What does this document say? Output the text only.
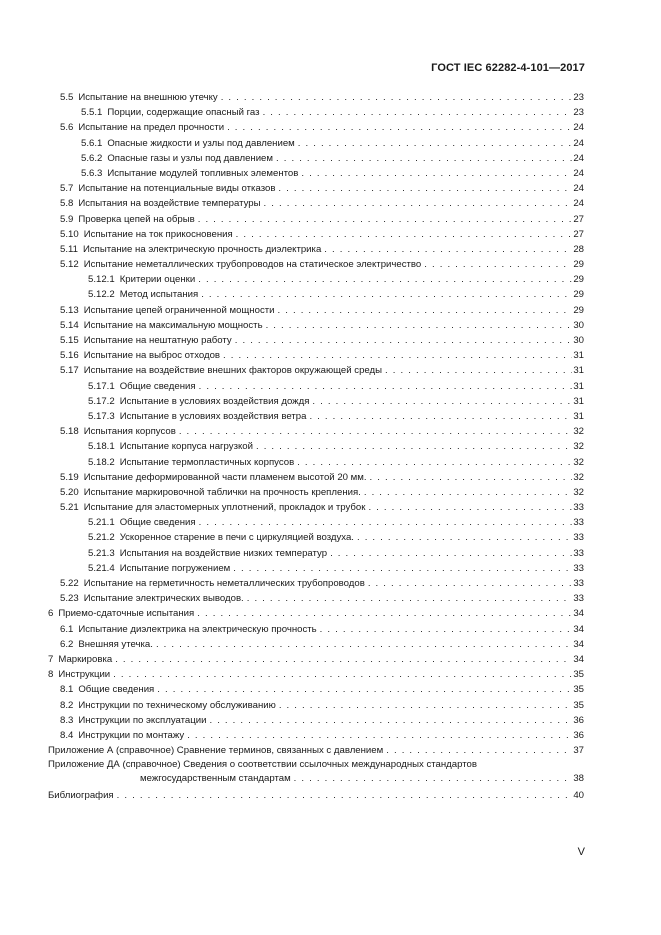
ГОСТ IEC 62282-4-101—2017
5.5 Испытание на внешнюю утечку . . .	23
5.5.1 Порции, содержащие опасный газ . . .	23
5.6 Испытание на предел прочности . . .	24
5.6.1 Опасные жидкости и узлы под давлением . . .	24
5.6.2 Опасные газы и узлы под давлением . . .	24
5.6.3 Испытание модулей топливных элементов . . .	24
5.7 Испытание на потенциальные виды отказов . . .	24
5.8 Испытания на воздействие температуры . . .	24
5.9 Проверка цепей на обрыв . . .	27
5.10 Испытание на ток прикосновения . . .	27
5.11 Испытание на электрическую прочность диэлектрика . . .	28
5.12 Испытание неметаллических трубопроводов на статическое электричество . . .	29
5.12.1 Критерии оценки . . .	29
5.12.2 Метод испытания . . .	29
5.13 Испытание цепей ограниченной мощности . . .	29
5.14 Испытание на максимальную мощность . . .	30
5.15 Испытание на нештатную работу . . .	30
5.16 Испытание на выброс отходов . . .	31
5.17 Испытание на воздействие внешних факторов окружающей среды . . .	31
5.17.1 Общие сведения . . .	31
5.17.2 Испытание в условиях воздействия дождя . . .	31
5.17.3 Испытание в условиях воздействия ветра . . .	31
5.18 Испытания корпусов . . .	32
5.18.1 Испытание корпуса нагрузкой . . .	32
5.18.2 Испытание термопластичных корпусов . . .	32
5.19 Испытание деформированной части пламенем высотой 20 мм. . . .	32
5.20 Испытание маркировочной таблички на прочность крепления. . . .	32
5.21 Испытание для эластомерных уплотнений, прокладок и трубок . . .	33
5.21.1 Общие сведения . . .	33
5.21.2 Ускоренное старение в печи с циркуляцией воздуха. . . .	33
5.21.3 Испытания на воздействие низких температур . . .	33
5.21.4 Испытание погружением . . .	33
5.22 Испытание на герметичность неметаллических трубопроводов . . .	33
5.23 Испытание электрических выводов. . . .	33
6 Приемо-сдаточные испытания . . .	34
6.1 Испытание диэлектрика на электрическую прочность . . .	34
6.2 Внешняя утечка. . . .	34
7 Маркировка . . .	34
8 Инструкции . . .	35
8.1 Общие сведения . . .	35
8.2 Инструкции по техническому обслуживанию . . .	35
8.3 Инструкции по эксплуатации . . .	36
8.4 Инструкции по монтажу . . .	36
Приложение А (справочное) Сравнение терминов, связанных с давлением . . .	37
Приложение ДА (справочное) Сведения о соответствии ссылочных международных стандартов
межгосударственным стандартам . . .	38
Библиография . . .	40
V
